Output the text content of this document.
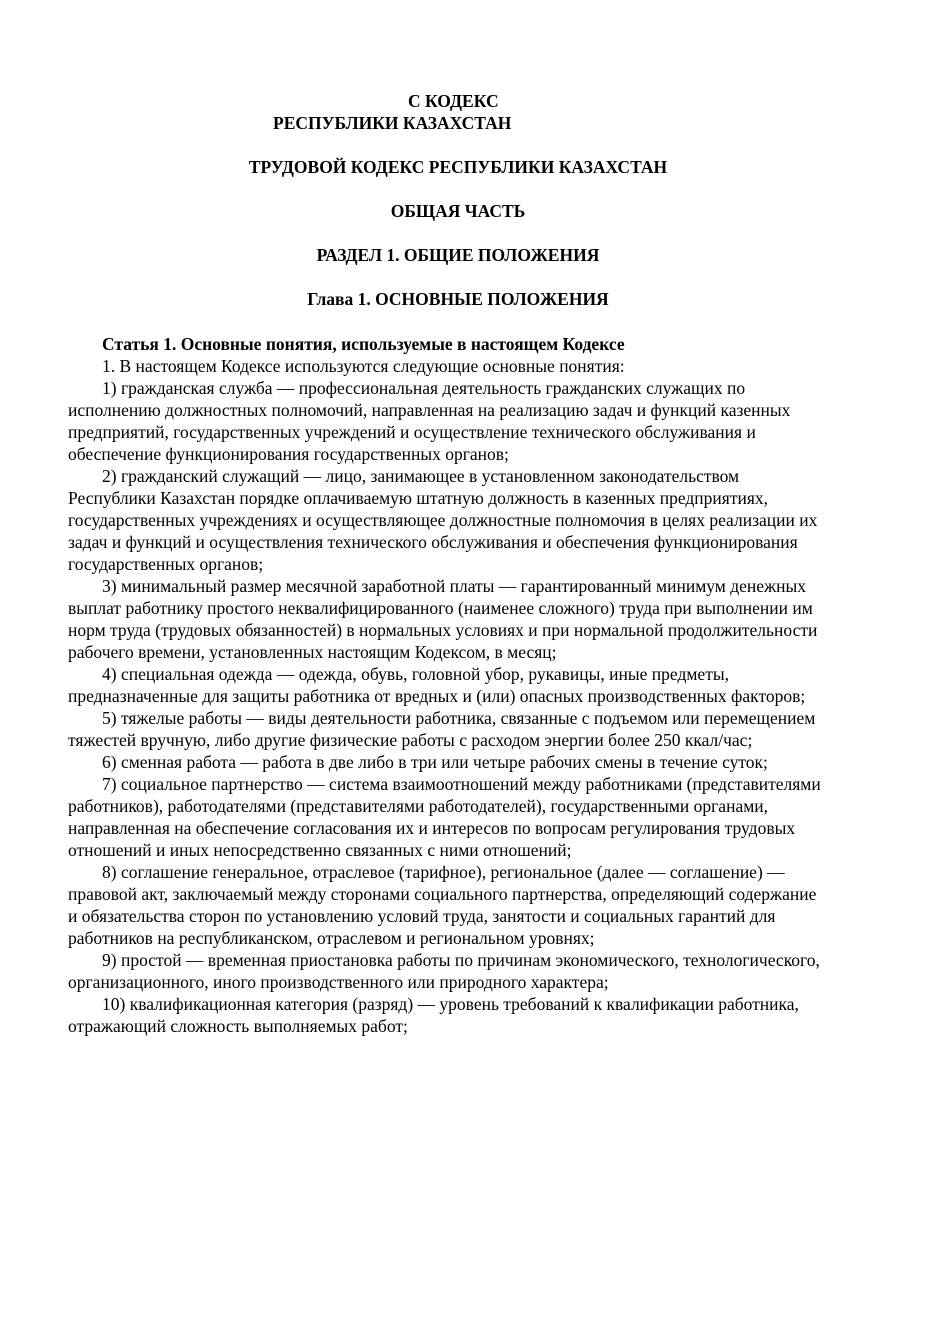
С КОДЕКС
РЕСПУБЛИКИ КАЗАХСТАН
ТРУДОВОЙ КОДЕКС РЕСПУБЛИКИ КАЗАХСТАН
ОБЩАЯ ЧАСТЬ
РАЗДЕЛ 1. ОБЩИЕ ПОЛОЖЕНИЯ
Глава 1. ОСНОВНЫЕ ПОЛОЖЕНИЯ

Статья 1. Основные понятия, используемые в настоящем Кодексе

1. В настоящем Кодексе используются следующие основные понятия:

1) гражданская служба — профессиональная деятельность гражданских служащих по исполнению должностных полномочий, направленная на реализацию задач и функций казенных предприятий, государственных учреждений и осуществление технического обслуживания и обеспечение функционирования государственных органов;

2) гражданский служащий — лицо, занимающее в установленном законодательством Республики Казахстан порядке оплачиваемую штатную должность в казенных предприятиях, государственных учреждениях и осуществляющее должностные полномочия в целях реализации их задач и функций и осуществления технического обслуживания и обеспечения функционирования государственных органов;

3) минимальный размер месячной заработной платы — гарантированный минимум денежных выплат работнику простого неквалифицированного (наименее сложного) труда при выполнении им норм труда (трудовых обязанностей) в нормальных условиях и при нормальной продолжительности рабочего времени, установленных настоящим Кодексом, в месяц;

4) специальная одежда — одежда, обувь, головной убор, рукавицы, иные предметы, предназначенные для защиты работника от вредных и (или) опасных производственных факторов;

5) тяжелые работы — виды деятельности работника, связанные с подъемом или перемещением тяжестей вручную, либо другие физические работы с расходом энергии более 250 ккал/час;

6) сменная работа — работа в две либо в три или четыре рабочих смены в течение суток;

7) социальное партнерство — система взаимоотношений между работниками (представителями работников), работодателями (представителями работодателей), государственными органами, направленная на обеспечение согласования их и интересов по вопросам регулирования трудовых отношений и иных непосредственно связанных с ними отношений;

8) соглашение генеральное, отраслевое (тарифное), региональное (далее — соглашение) — правовой акт, заключаемый между сторонами социального партнерства, определяющий содержание и обязательства сторон по установлению условий труда, занятости и социальных гарантий для работников на республиканском, отраслевом и региональном уровнях;

9) простой — временная приостановка работы по причинам экономического, технологического, организационного, иного производственного или природного характера;

10) квалификационная категория (разряд) — уровень требований к квалификации работника, отражающий сложность выполняемых работ;
